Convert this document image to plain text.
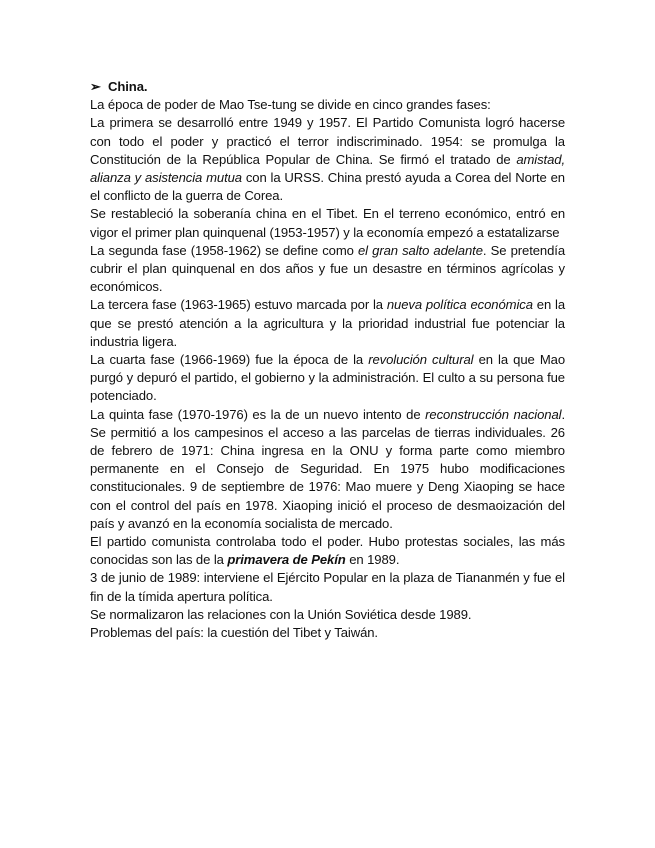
➢ China.

La época de poder de Mao Tse-tung se divide en cinco grandes fases:

La primera se desarrolló entre 1949 y 1957. El Partido Comunista logró hacerse con todo el poder y practicó el terror indiscriminado. 1954: se promulga la Constitución de la República Popular de China. Se firmó el tratado de amistad, alianza y asistencia mutua con la URSS. China prestó ayuda a Corea del Norte en el conflicto de la guerra de Corea.

Se restableció la soberanía china en el Tibet. En el terreno económico, entró en vigor el primer plan quinquenal (1953-1957) y la economía empezó a estatalizarse

La segunda fase (1958-1962) se define como el gran salto adelante. Se pretendía cubrir el plan quinquenal en dos años y fue un desastre en términos agrícolas y económicos.

La tercera fase (1963-1965) estuvo marcada por la nueva política económica en la que se prestó atención a la agricultura y la prioridad industrial fue potenciar la industria ligera.

La cuarta fase (1966-1969) fue la época de la revolución cultural en la que Mao purgó y depuró el partido, el gobierno y la administración. El culto a su persona fue potenciado.

La quinta fase (1970-1976) es la de un nuevo intento de reconstrucción nacional. Se permitió a los campesinos el acceso a las parcelas de tierras individuales. 26 de febrero de 1971: China ingresa en la ONU y forma parte como miembro permanente en el Consejo de Seguridad. En 1975 hubo modificaciones constitucionales. 9 de septiembre de 1976: Mao muere y Deng Xiaoping se hace con el control del país en 1978. Xiaoping inició el proceso de desmaoización del país y avanzó en la economía socialista de mercado.

El partido comunista controlaba todo el poder. Hubo protestas sociales, las más conocidas son las de la primavera de Pekín en 1989.

3 de junio de 1989: interviene el Ejército Popular en la plaza de Tiananmén y fue el fin de la tímida apertura política.

Se normalizaron las relaciones con la Unión Soviética desde 1989.

Problemas del país: la cuestión del Tibet y Taiwán.
